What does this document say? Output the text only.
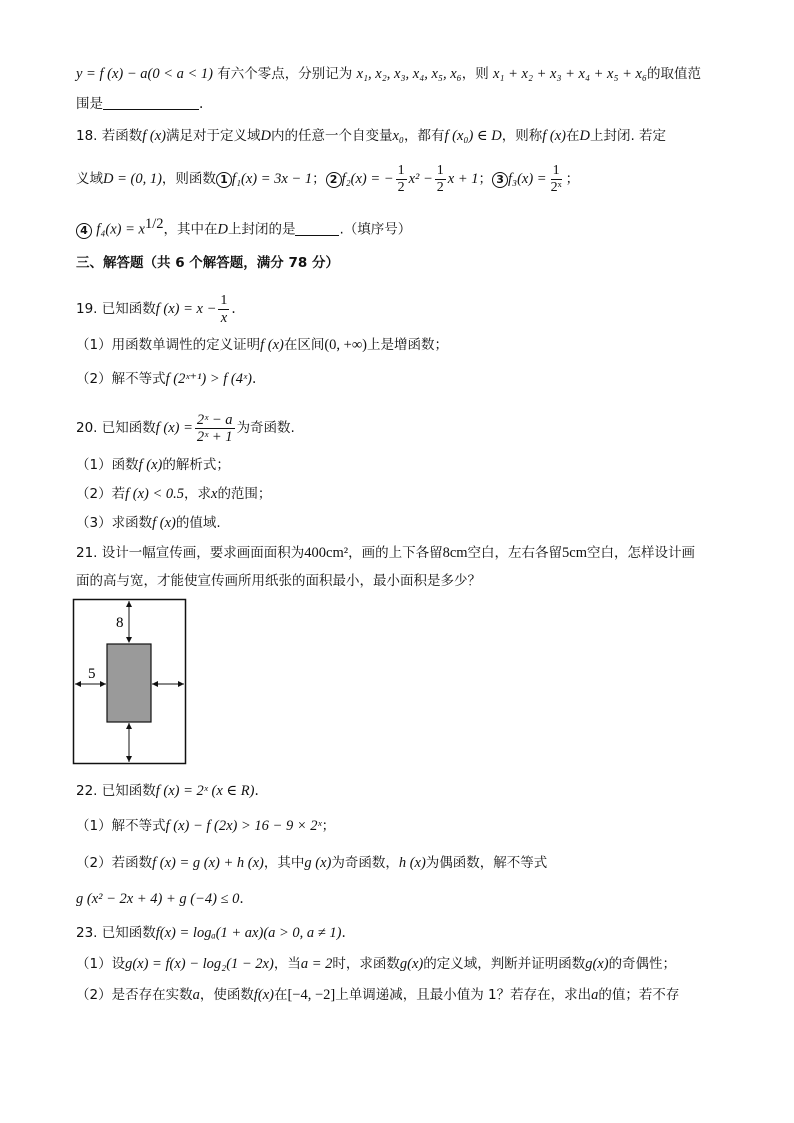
y = f (x) − a(0 < a < 1) 有六个零点，分别记为 x₁, x₂, x₃, x₄, x₅, x₆，则 x₁ + x₂ + x₃ + x₄ + x₅ + x₆的取值范
围是	.
18. 若函数f (x)满足对于定义域D内的任意一个自变量x₀，都有f (x₀) ∈ D，则称f (x)在D上封闭. 若定
义域D = (0, 1)，则函数 1 f₁(x) = 3x − 1； 2 f₂(x) = − $\frac{1}{2} x^2 - \frac{1}{2}$ x + 1； 3 $f_3(x) = \frac{1}{\text{2ˣ}}$ ；
4 $f_4(x) = x^{1/2}$，其中在D上封闭的是	.（填序号）
三、解答题（共 6 个解答题，满分 78 分）
19. 已知函数f $(x) = x - \frac{1}{x}$ .
（1）用函数单调性的定义证明f (x)在区间(0, +∞)上是增函数；
（2）解不等式f (2ˣ⁺¹) > f (4ˣ).
20. 已知函数f $(x) = \frac{\text{2ˣ − a}}{\text{2ˣ + 1}}$ 为奇函数.
（1）函数f (x)的解析式；
（2）若f (x) < 0.5，求x的范围；
（3）求函数f (x)的值域.
21. 设计一幅宣传画，要求画面面积为400cm²，画的上下各留8cm空白，左右各留5cm空白，怎样设计画
面的高与宽，才能使宣传画所用纸张的面积最小，最小面积是多少？
8
5
22. 已知函数f (x) = 2ˣ (x ∈ R).
（1）解不等式f (x) − f (2x) > 16 − 9 × 2ˣ；
（2）若函数f (x) = g (x) + h (x)，其中g (x)为奇函数，h (x)为偶函数，解不等式
g (x² − 2x + 4) + g (−4) ≤ 0.
23. 已知函数f(x) = logₐ(1 + ax)(a > 0, a ≠ 1).
（1）设g(x) = f(x) − log₂(1 − 2x)，当a = 2时，求函数g(x)的定义域，判断并证明函数g(x)的奇偶性；
（2）是否存在实数a，使函数f(x)在[−4, −2]上单调递减，且最小值为 1？若存在，求出a的值；若不存
